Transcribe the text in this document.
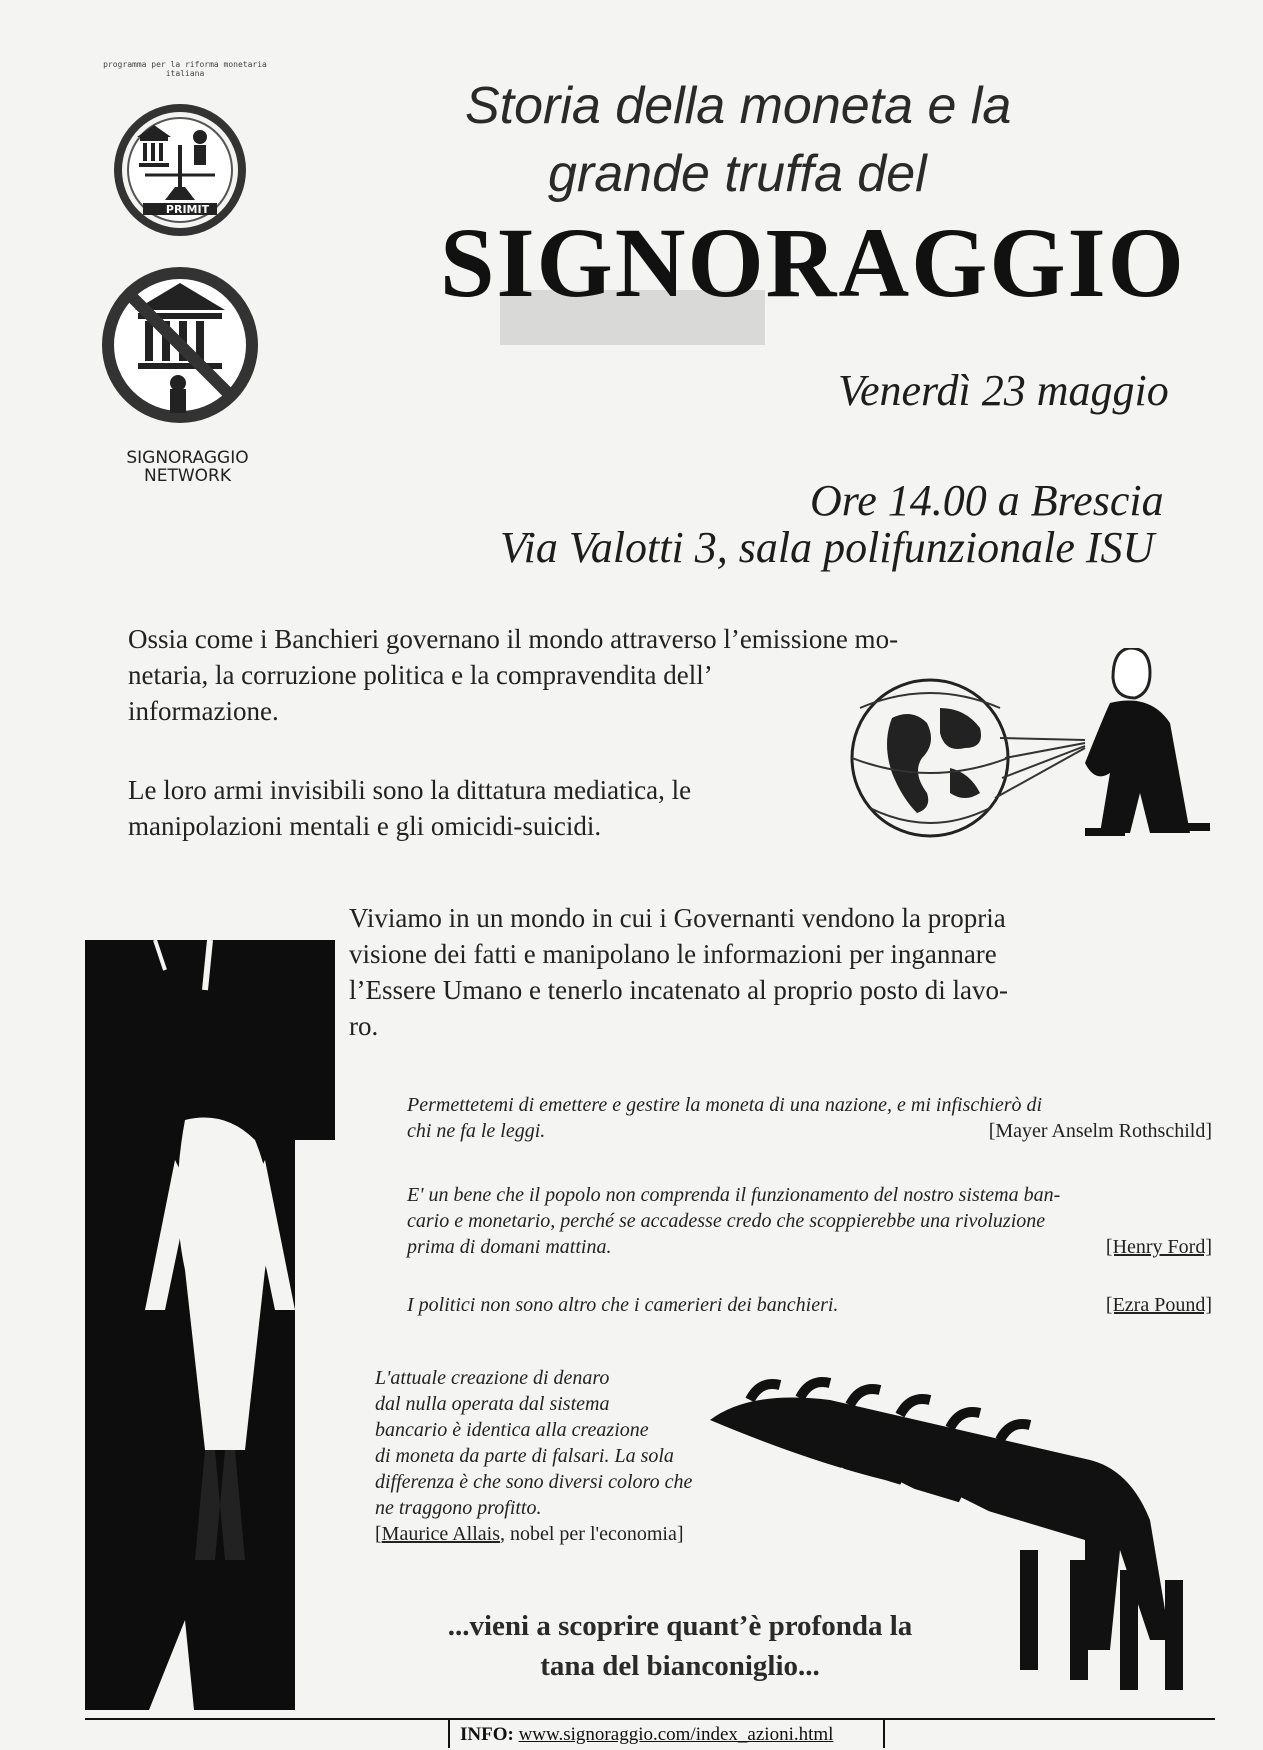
PRIMIT
programma per la riforma monetaria italiana
SIGNORAGGIO
NETWORK
Storia della moneta e la
grande truffa del
SIGNORAGGIO
Venerdì 23 maggio
Ore 14.00 a Brescia
Via Valotti 3, sala polifunzionale ISU
Ossia come i Banchieri governano il mondo attraverso l’emissione mo-
netaria, la corruzione politica e la compravendita dell’
informazione.
Le loro armi invisibili sono la dittatura mediatica, le
manipolazioni mentali e gli omicidi-suicidi.
Viviamo in un mondo in cui i Governanti vendono la propria
visione dei fatti e manipolano le informazioni per ingannare
l’Essere Umano e tenerlo incatenato al proprio posto di lavo-
ro.
Permettetemi di emettere e gestire la moneta di una nazione, e mi infischierò di
chi ne fa le leggi.	[Mayer Anselm Rothschild]
E' un bene che il popolo non comprenda il funzionamento del nostro sistema ban-
cario e monetario, perché se accadesse credo che scoppierebbe una rivoluzione
prima di domani mattina.	[Henry Ford]
I politici non sono altro che i camerieri dei banchieri.	[Ezra Pound]
L'attuale creazione di denaro
dal nulla operata dal sistema
bancario è identica alla creazione
di moneta da parte di falsari. La sola
differenza è che sono diversi coloro che
ne traggono profitto.
[Maurice Allais, nobel per l'economia]
...vieni a scoprire quant’è profonda la
tana del bianconiglio...
INFO: www.signoraggio.com/index_azioni.html
